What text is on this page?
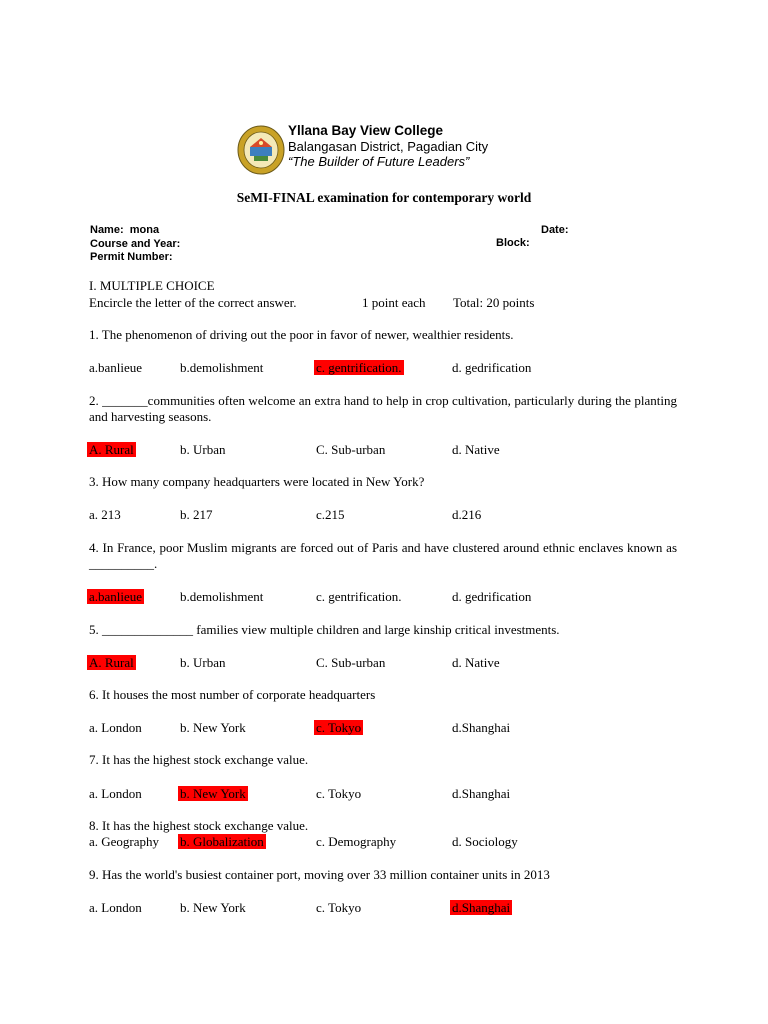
Yllana Bay View College
Balangasan District, Pagadian City
“The Builder of Future Leaders”
SeMI-FINAL examination for contemporary world
Name: mona
Course and Year:
Permit Number:
Date:
Block:
I. MULTIPLE CHOICE
Encircle the letter of the correct answer.	1 point each Total: 20 points
1. The phenomenon of driving out the poor in favor of newer, wealthier residents.
a.banlieue	b.demolishment	c. gentrification.	d. gedrification
2. _______communities often welcome an extra hand to help in crop cultivation, particularly during the planting and harvesting seasons.
A. Rural	b. Urban	C. Sub-urban	d. Native
3. How many company headquarters were located in New York?
a. 213	b. 217	c.215	d.216
4. In France, poor Muslim migrants are forced out of Paris and have clustered around ethnic enclaves known as __________.
a.banlieue	b.demolishment	c. gentrification.	d. gedrification
5. ______________ families view multiple children and large kinship critical investments.
A. Rural	b. Urban	C. Sub-urban	d. Native
6. It houses the most number of corporate headquarters
a. London	b. New York	c. Tokyo	d.Shanghai
7. It has the highest stock exchange value.
a. London	b. New York	c. Tokyo	d.Shanghai
8. It has the highest stock exchange value.
a. Geography b. Globalization	c. Demography	d. Sociology
9. Has the world's busiest container port, moving over 33 million container units in 2013
a. London	b. New York	c. Tokyo	d.Shanghai
